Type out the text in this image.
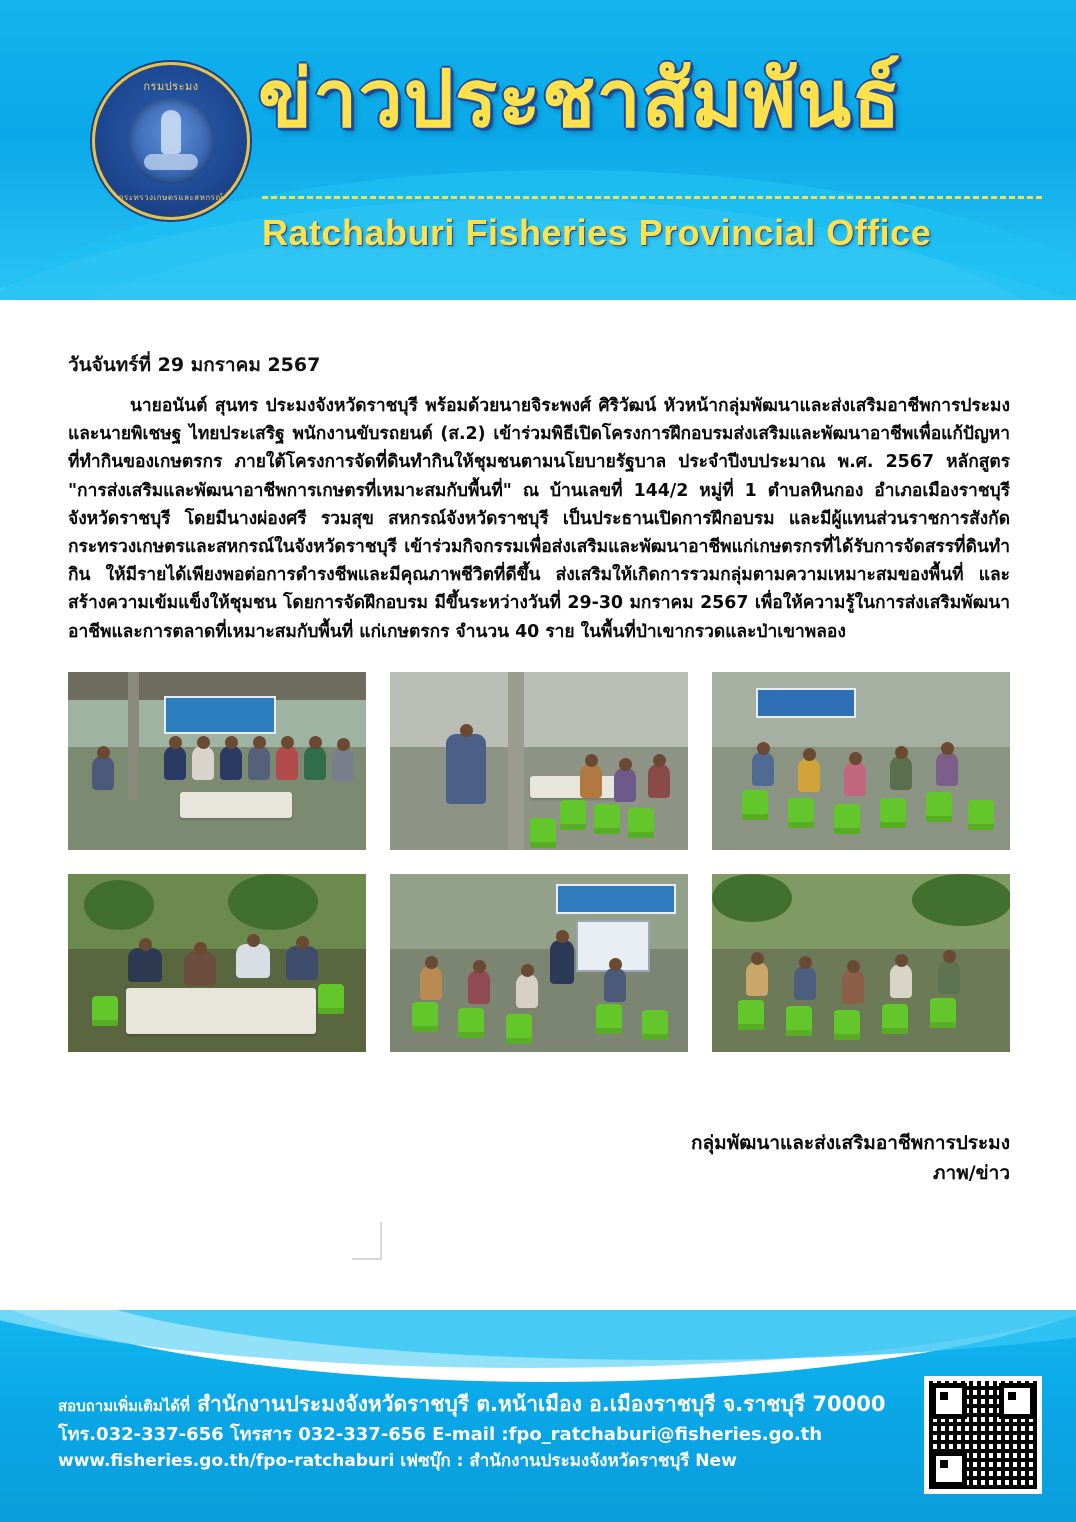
กรมประมง
กระทรวงเกษตรและสหกรณ์
ข่าวประชาสัมพันธ์
Ratchaburi Fisheries Provincial Office
วันจันทร์ที่ 29 มกราคม 2567
นายอนันต์ สุนทร ประมงจังหวัดราชบุรี พร้อมด้วยนายจิระพงศ์ ศิริวัฒน์ หัวหน้ากลุ่มพัฒนาและส่งเสริมอาชีพการประมง และนายพิเชษฐ ไทยประเสริฐ พนักงานขับรถยนต์ (ส.2) เข้าร่วมพิธีเปิดโครงการฝึกอบรมส่งเสริมและพัฒนาอาชีพเพื่อแก้ปัญหาที่ทำกินของเกษตรกร ภายใต้โครงการจัดที่ดินทำกินให้ชุมชนตามนโยบายรัฐบาล ประจำปีงบประมาณ พ.ศ. 2567 หลักสูตร "การส่งเสริมและพัฒนาอาชีพการเกษตรที่เหมาะสมกับพื้นที่" ณ บ้านเลขที่ 144/2 หมู่ที่ 1 ตำบลหินกอง อำเภอเมืองราชบุรี จังหวัดราชบุรี โดยมีนางผ่องศรี รวมสุข สหกรณ์จังหวัดราชบุรี เป็นประธานเปิดการฝึกอบรม และมีผู้แทนส่วนราชการสังกัดกระทรวงเกษตรและสหกรณ์ในจังหวัดราชบุรี เข้าร่วมกิจกรรมเพื่อส่งเสริมและพัฒนาอาชีพแก่เกษตรกรที่ได้รับการจัดสรรที่ดินทำกิน ให้มีรายได้เพียงพอต่อการดำรงชีพและมีคุณภาพชีวิตที่ดีขึ้น ส่งเสริมให้เกิดการรวมกลุ่มตามความเหมาะสมของพื้นที่ และสร้างความเข้มแข็งให้ชุมชน โดยการจัดฝึกอบรม มีขึ้นระหว่างวันที่ 29-30 มกราคม 2567 เพื่อให้ความรู้ในการส่งเสริมพัฒนาอาชีพและการตลาดที่เหมาะสมกับพื้นที่ แก่เกษตรกร จำนวน 40 ราย ในพื้นที่ป่าเขากรวดและป่าเขาพลอง
กลุ่มพัฒนาและส่งเสริมอาชีพการประมง
ภาพ/ข่าว
สอบถามเพิ่มเติมได้ที่ สำนักงานประมงจังหวัดราชบุรี ต.หน้าเมือง อ.เมืองราชบุรี จ.ราชบุรี 70000
โทร.032-337-656 โทรสาร 032-337-656 E-mail :fpo_ratchaburi@fisheries.go.th
www.fisheries.go.th/fpo-ratchaburi เฟซบุ๊ก : สำนักงานประมงจังหวัดราชบุรี New
